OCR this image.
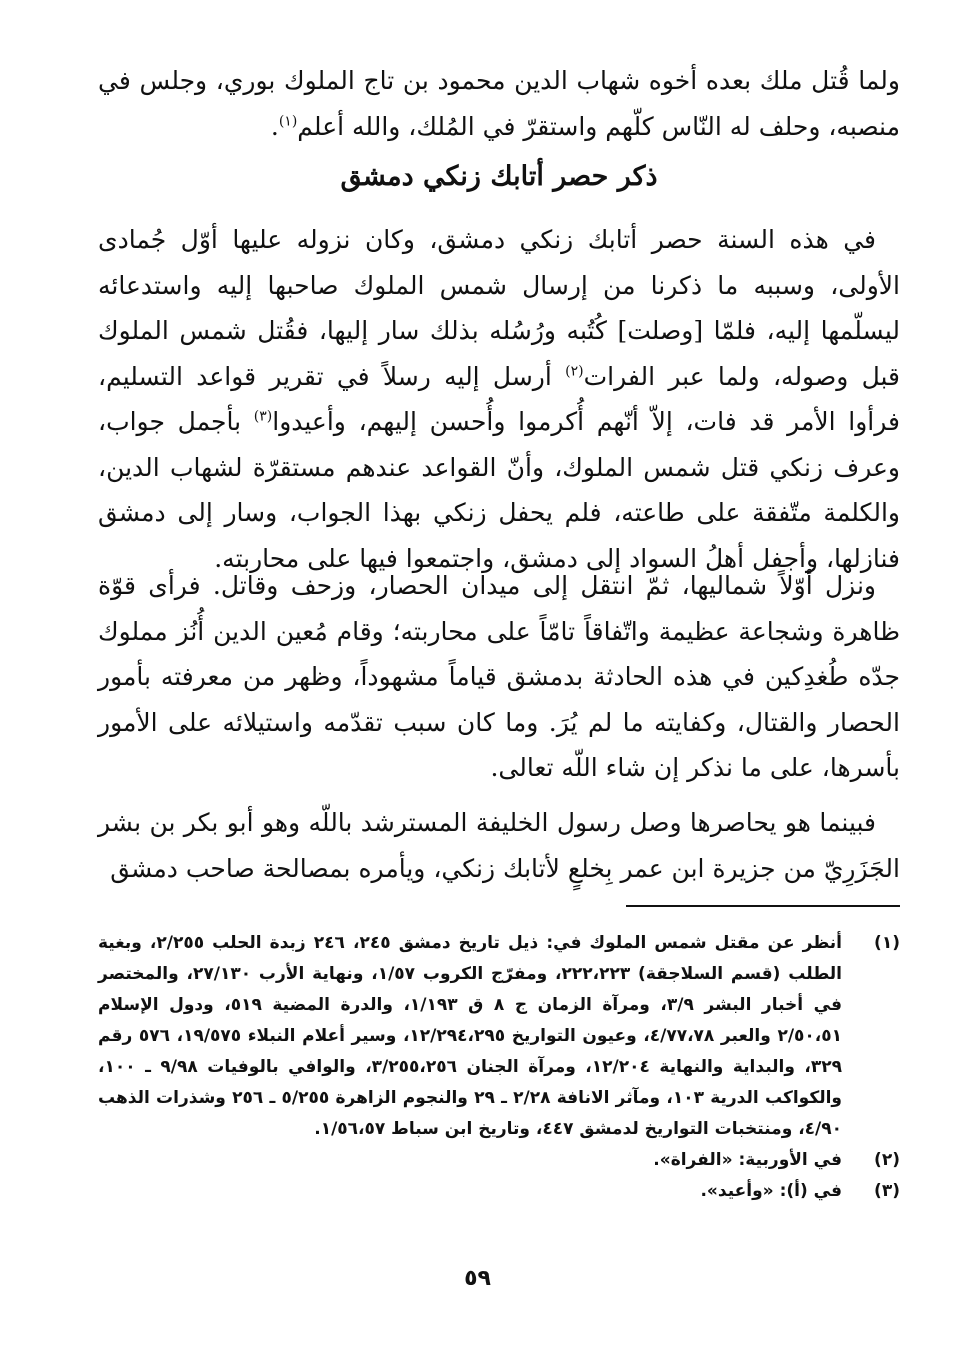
ولما قُتل ملك بعده أخوه شهاب الدين محمود بن تاج الملوك بوري، وجلس في منصبه، وحلف له النّاس كلّهم واستقرّ في المُلك، والله أعلم$^{(١)}$.

ذكر حصر أتابك زنكي دمشق

في هذه السنة حصر أتابك زنكي دمشق، وكان نزوله عليها أوّل جُمادى الأولى، وسببه ما ذكرنا من إرسال شمس الملوك صاحبها إليه واستدعائه ليسلّمها إليه، فلمّا [وصلت] كُتُبه ورُسُله بذلك سار إليها، فقُتل شمس الملوك قبل وصوله، ولما عبر الفرات$^{(٢)}$ أرسل إليه رسلاً في تقرير قواعد التسليم، فرأوا الأمر قد فات، إلاّ أنّهم أُكرموا وأُحسن إليهم، وأعيدوا$^{(٣)}$ بأجمل جواب، وعرف زنكي قتل شمس الملوك، وأنّ القواعد عندهم مستقرّة لشهاب الدين، والكلمة متّفقة على طاعته، فلم يحفل زنكي بهذا الجواب، وسار إلى دمشق فنازلها، وأجفل أهلُ السواد إلى دمشق، واجتمعوا فيها على محاربته.

ونزل أوّلاً شماليها، ثمّ انتقل إلى ميدان الحصار، وزحف وقاتل. فرأى قوّة ظاهرة وشجاعة عظيمة واتّفاقاً تامّاً على محاربته؛ وقام مُعين الدين أُنُز مملوك جدّه طُغدِكين في هذه الحادثة بدمشق قياماً مشهوداً، وظهر من معرفته بأمور الحصار والقتال، وكفايته ما لم يُرَ. وما كان سبب تقدّمه واستيلائه على الأمور بأسرها، على ما نذكر إن شاء اللّه تعالى.

فبينما هو يحاصرها وصل رسول الخليفة المسترشد باللّه وهو أبو بكر بن بشر الجَزَرِيّ من جزيرة ابن عمر بِخلعٍ لأتابك زنكي، ويأمره بمصالحة صاحب دمشق

(١)
أنظر عن مقتل شمس الملوك في: ذيل تاريخ دمشق ٢٤٥، ٢٤٦ زبدة الحلب ٢/٢٥٥، وبغية الطلب (قسم السلاجقة) ٢٢٢،٢٢٣، ومفرّج الكروب ١/٥٧، ونهاية الأرب ٢٧/١٣٠، والمختصر في أخبار البشر ٣/٩، ومرآة الزمان ج ٨ ق ١/١٩٣، والدرة المضية ٥١٩، ودول الإسلام ٢/٥٠،٥١ والعبر ٤/٧٧،٧٨، وعيون التواريخ ١٢/٢٩٤،٢٩٥، وسير أعلام النبلاء ١٩/٥٧٥، ٥٧٦ رقم ٣٢٩، والبداية والنهاية ١٢/٢٠٤، ومرآة الجنان ٣/٢٥٥،٢٥٦، والوافي بالوفيات ٩/٩٨ ـ ١٠٠، والكواكب الدرية ١٠٣، ومآثر الانافة ٢/٢٨ ـ ٢٩ والنجوم الزاهرة ٥/٢٥٥ ـ ٢٥٦ وشذرات الذهب ٤/٩٠، ومنتخبات التواريخ لدمشق ٤٤٧، وتاريخ ابن سباط ١/٥٦،٥٧.
(٢)
في الأوربية: «الفراة».
(٣)
في (أ): «وأعيد».
٥٩
